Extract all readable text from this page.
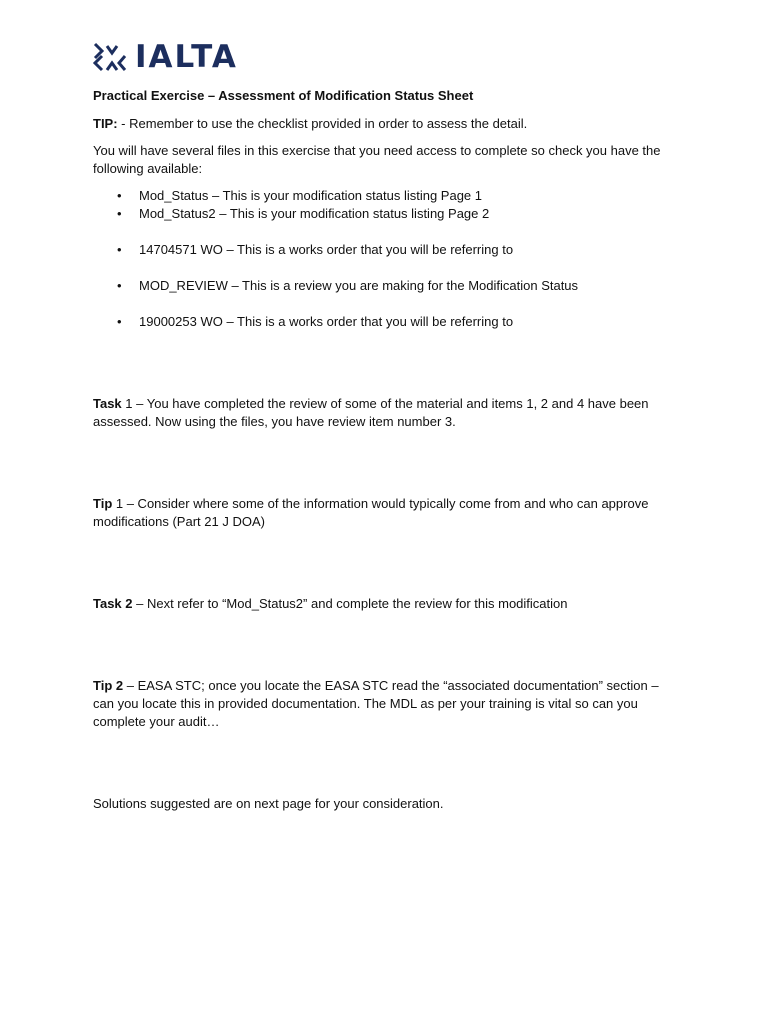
IALTA

Practical Exercise – Assessment of Modification Status Sheet

TIP: - Remember to use the checklist provided in order to assess the detail.

You will have several files in this exercise that you need access to complete so check you have the following available:

• Mod_Status – This is your modification status listing Page 1

• Mod_Status2 – This is your modification status listing Page 2

• 14704571 WO – This is a works order that you will be referring to

• MOD_REVIEW – This is a review you are making for the Modification Status

• 19000253 WO – This is a works order that you will be referring to

Task 1 – You have completed the review of some of the material and items 1, 2 and 4 have been assessed. Now using the files, you have review item number 3.

Tip 1 – Consider where some of the information would typically come from and who can approve modifications (Part 21 J DOA)

Task 2 – Next refer to “Mod_Status2” and complete the review for this modification

Tip 2 – EASA STC; once you locate the EASA STC read the “associated documentation” section – can you locate this in provided documentation. The MDL as per your training is vital so can you complete your audit…

Solutions suggested are on next page for your consideration.
